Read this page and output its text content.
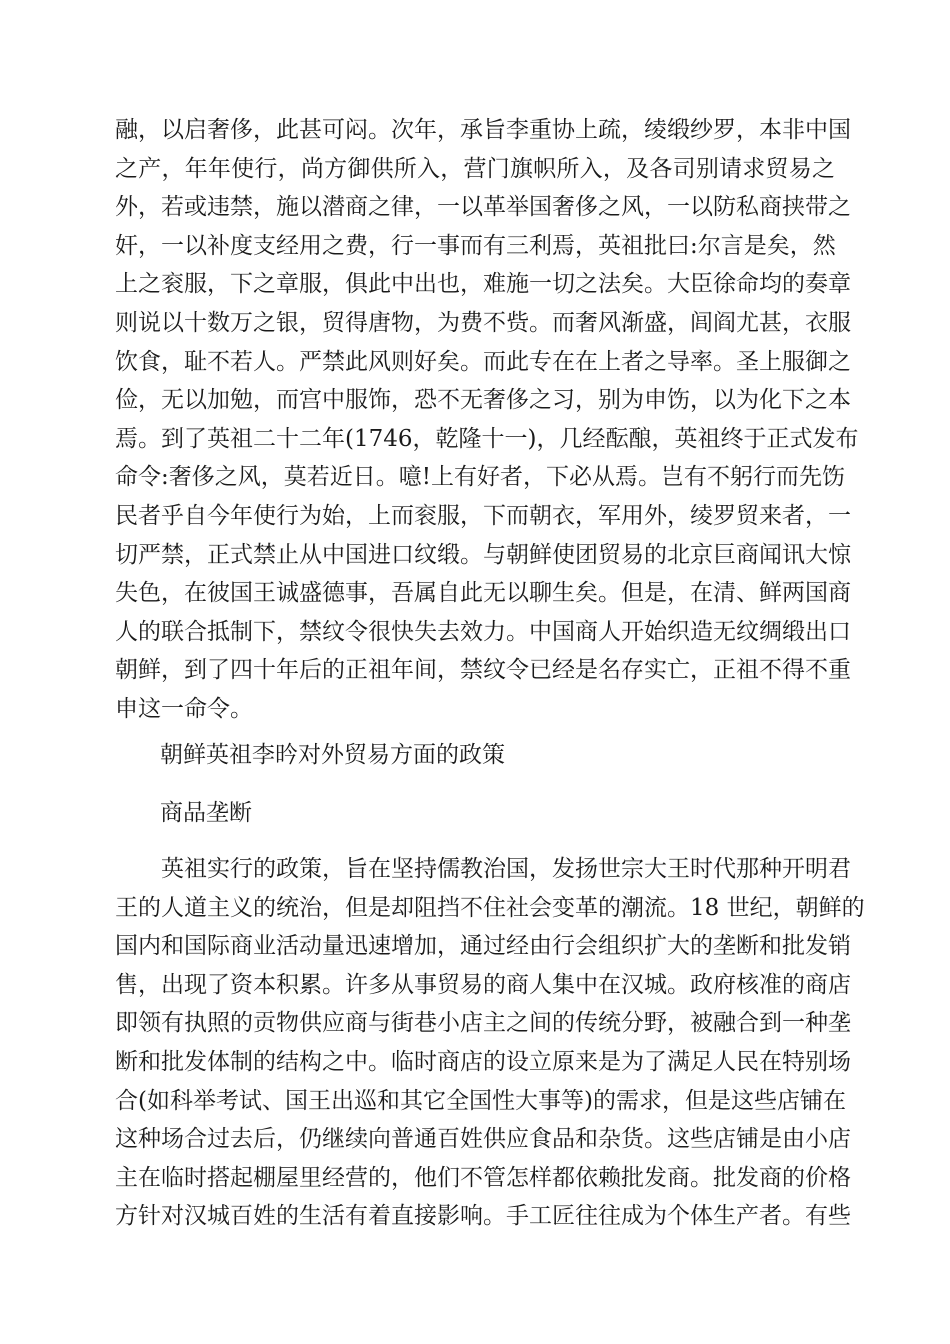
融，以启奢侈，此甚可闷。次年，承旨李重协上疏，绫缎纱罗，本非中国
之产，年年使行，尚方御供所入，营门旗帜所入，及各司别请求贸易之
外，若或违禁，施以潜商之律，一以革举国奢侈之风，一以防私商挟带之
奸，一以补度支经用之费，行一事而有三利焉，英祖批曰:尔言是矣，然
上之衮服，下之章服，俱此中出也，难施一切之法矣。大臣徐命均的奏章
则说以十数万之银，贸得唐物，为费不赀。而奢风渐盛，闾阎尤甚，衣服
饮食，耻不若人。严禁此风则好矣。而此专在在上者之导率。圣上服御之
俭，无以加勉，而宫中服饰，恐不无奢侈之习，别为申饬，以为化下之本
焉。到了英祖二十二年(1746，乾隆十一)，几经酝酿，英祖终于正式发布
命令:奢侈之风，莫若近日。噫!上有好者，下必从焉。岂有不躬行而先饬
民者乎自今年使行为始，上而衮服，下而朝衣，军用外，绫罗贸来者，一
切严禁，正式禁止从中国进口纹缎。与朝鲜使团贸易的北京巨商闻讯大惊
失色，在彼国王诚盛德事，吾属自此无以聊生矣。但是，在清、鲜两国商
人的联合抵制下，禁纹令很快失去效力。中国商人开始织造无纹绸缎出口
朝鲜，到了四十年后的正祖年间，禁纹令已经是名存实亡，正祖不得不重
申这一命令。
朝鲜英祖李昑对外贸易方面的政策
商品垄断
　　英祖实行的政策，旨在坚持儒教治国，发扬世宗大王时代那种开明君
王的人道主义的统治，但是却阻挡不住社会变革的潮流。18 世纪，朝鲜的
国内和国际商业活动量迅速增加，通过经由行会组织扩大的垄断和批发销
售，出现了资本积累。许多从事贸易的商人集中在汉城。政府核准的商店
即领有执照的贡物供应商与街巷小店主之间的传统分野，被融合到一种垄
断和批发体制的结构之中。临时商店的设立原来是为了满足人民在特别场
合(如科举考试、国王出巡和其它全国性大事等)的需求，但是这些店铺在
这种场合过去后，仍继续向普通百姓供应食品和杂货。这些店铺是由小店
主在临时搭起棚屋里经营的，他们不管怎样都依赖批发商。批发商的价格
方针对汉城百姓的生活有着直接影响。手工匠往往成为个体生产者。有些
